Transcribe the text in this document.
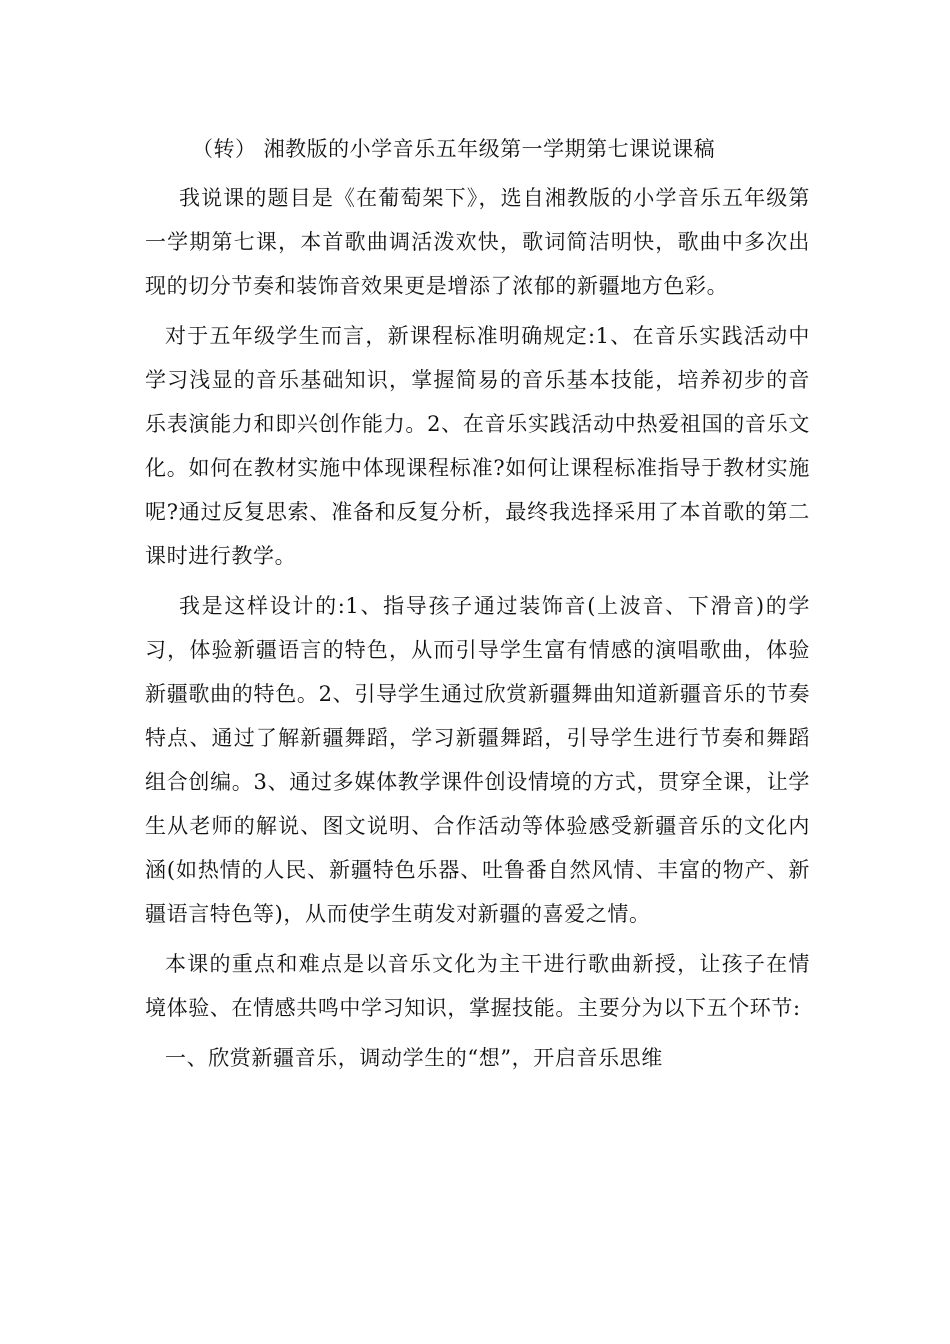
（转） 湘教版的小学音乐五年级第一学期第七课说课稿

我说课的题目是《在葡萄架下》，选自湘教版的小学音乐五年级第一学期第七课，本首歌曲调活泼欢快，歌词简洁明快，歌曲中多次出现的切分节奏和装饰音效果更是增添了浓郁的新疆地方色彩。

对于五年级学生而言，新课程标准明确规定:1、在音乐实践活动中学习浅显的音乐基础知识，掌握简易的音乐基本技能，培养初步的音乐表演能力和即兴创作能力。2、在音乐实践活动中热爱祖国的音乐文化。如何在教材实施中体现课程标准?如何让课程标准指导于教材实施呢?通过反复思索、准备和反复分析，最终我选择采用了本首歌的第二课时进行教学。

我是这样设计的:1、指导孩子通过装饰音(上波音、下滑音)的学习，体验新疆语言的特色，从而引导学生富有情感的演唱歌曲，体验新疆歌曲的特色。2、引导学生通过欣赏新疆舞曲知道新疆音乐的节奏特点、通过了解新疆舞蹈，学习新疆舞蹈，引导学生进行节奏和舞蹈组合创编。3、通过多媒体教学课件创设情境的方式，贯穿全课，让学生从老师的解说、图文说明、合作活动等体验感受新疆音乐的文化内涵(如热情的人民、新疆特色乐器、吐鲁番自然风情、丰富的物产、新疆语言特色等)，从而使学生萌发对新疆的喜爱之情。

本课的重点和难点是以音乐文化为主干进行歌曲新授，让孩子在情境体验、在情感共鸣中学习知识，掌握技能。主要分为以下五个环节:

一、欣赏新疆音乐，调动学生的“想”，开启音乐思维
